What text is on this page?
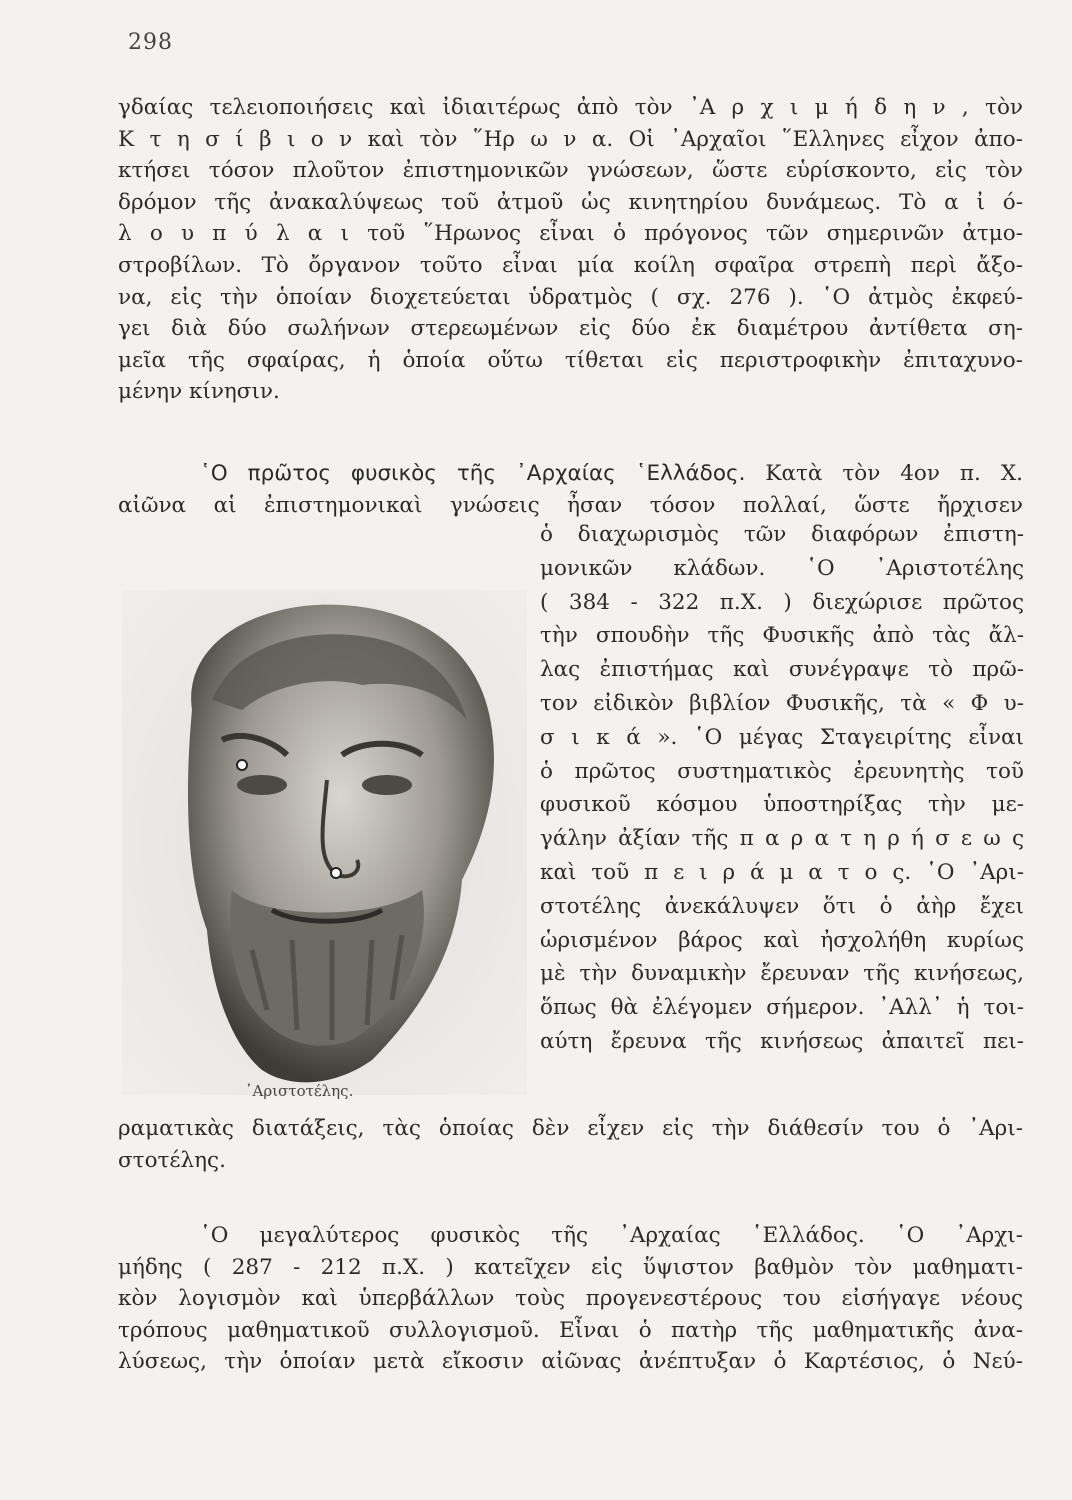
298
γδαίας τελειοποιήσεις καὶ ἰδιαιτέρως ἀπὸ τὸν ᾿Α ρ χ ι μ ή δ η ν , τὸν
Κ τ η σ ί β ι ο ν καὶ τὸν ῞Ηρ ω ν α. Οἱ ᾿Αρχαῖοι ῞Ελληνες εἶχον ἀπο-
κτήσει τόσον πλοῦτον ἐπιστημονικῶν γνώσεων, ὥστε εὑρίσκοντο, εἰς τὸν
δρόμον τῆς ἀνακαλύψεως τοῦ ἀτμοῦ ὡς κινητηρίου δυνάμεως. Τὸ α ἰ ό-
λ ο υ π ύ λ α ι τοῦ ῞Ηρωνος εἶναι ὁ πρόγονος τῶν σημερινῶν ἀτμο-
στροβίλων. Τὸ ὄργανον τοῦτο εἶναι μία κοίλη σφαῖρα στρεπὴ περὶ ἄξο-
να, εἰς τὴν ὁποίαν διοχετεύεται ὑδρατμὸς ( σχ. 276 ). ῾Ο ἀτμὸς ἐκφεύ-
γει διὰ δύο σωλήνων στερεωμένων εἰς δύο ἐκ διαμέτρου ἀντίθετα ση-
μεῖα τῆς σφαίρας, ἡ ὁποία οὕτω τίθεται εἰς περιστροφικὴν ἐπιταχυνο-
μένην κίνησιν.
῾Ο πρῶτος φυσικὸς τῆς ᾿Αρχαίας ῾Ελλάδος. Κατὰ τὸν 4ον π. Χ.
αἰῶνα αἱ ἐπιστημονικαὶ γνώσεις ἦσαν τόσον πολλαί, ὥστε ἤρχισεν
ὁ διαχωρισμὸς τῶν διαφόρων ἐπιστη-
μονικῶν κλάδων. ῾Ο ᾿Αριστοτέλης
( 384 - 322 π.Χ. ) διεχώρισε πρῶτος
τὴν σπουδὴν τῆς Φυσικῆς ἀπὸ τὰς ἄλ-
λας ἐπιστήμας καὶ συνέγραψε τὸ πρῶ-
τον εἰδικὸν βιβλίον Φυσικῆς, τὰ « Φ υ-
σ ι κ ά ». ῾Ο μέγας Σταγειρίτης εἶναι
ὁ πρῶτος συστηματικὸς ἐρευνητὴς τοῦ
φυσικοῦ κόσμου ὑποστηρίξας τὴν με-
γάλην ἀξίαν τῆς π α ρ α τ η ρ ή σ ε ω ς
καὶ τοῦ π ε ι ρ ά μ α τ ο ς. ῾Ο ᾿Αρι-
στοτέλης ἀνεκάλυψεν ὅτι ὁ ἀὴρ ἔχει
ὡρισμένον βάρος καὶ ἠσχολήθη κυρίως
μὲ τὴν δυναμικὴν ἔρευναν τῆς κινήσεως,
ὅπως θὰ ἐλέγομεν σήμερον. ᾿Αλλ᾿ ἡ τοι-
αύτη ἔρευνα τῆς κινήσεως ἀπαιτεῖ πει-
᾿Αριστοτέλης.
ραματικὰς διατάξεις, τὰς ὁποίας δὲν εἶχεν εἰς τὴν διάθεσίν του ὁ ᾿Αρι-
στοτέλης.
῾Ο μεγαλύτερος φυσικὸς τῆς ᾿Αρχαίας ῾Ελλάδος. ῾Ο ᾿Αρχι-
μήδης ( 287 - 212 π.Χ. ) κατεῖχεν εἰς ὕψιστον βαθμὸν τὸν μαθηματι-
κὸν λογισμὸν καὶ ὑπερβάλλων τοὺς προγενεστέρους του εἰσήγαγε νέους
τρόπους μαθηματικοῦ συλλογισμοῦ. Εἶναι ὁ πατὴρ τῆς μαθηματικῆς ἀνα-
λύσεως, τὴν ὁποίαν μετὰ εἴκοσιν αἰῶνας ἀνέπτυξαν ὁ Καρτέσιος, ὁ Νεύ-
